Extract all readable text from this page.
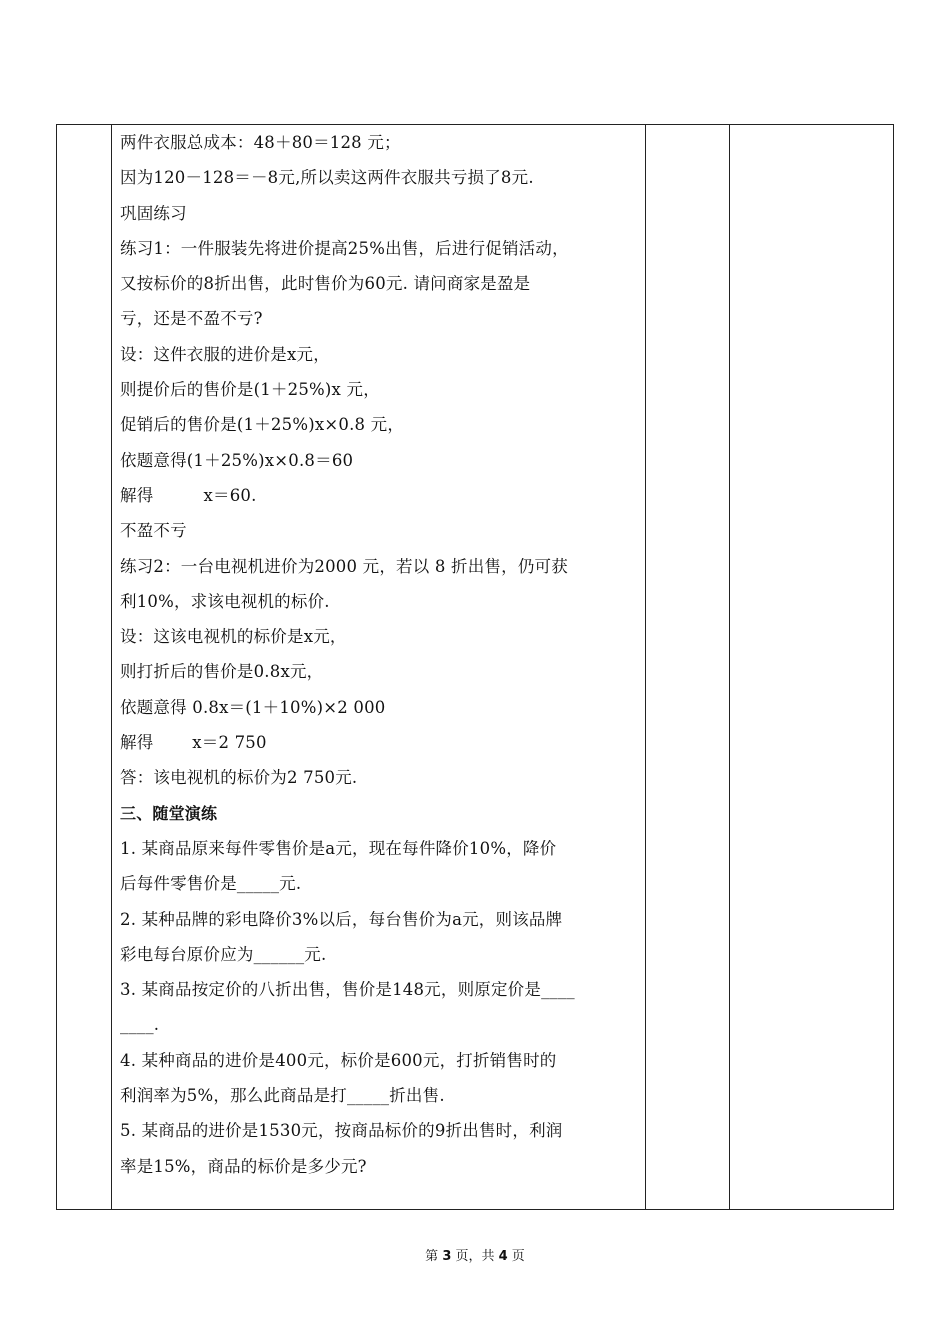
两件衣服总成本：48＋80＝128 元；
因为120－128＝－8元,所以卖这两件衣服共亏损了8元.
巩固练习
练习1：一件服装先将进价提高25%出售，后进行促销活动，
又按标价的8折出售，此时售价为60元. 请问商家是盈是
亏，还是不盈不亏?
设：这件衣服的进价是x元，
则提价后的售价是(1＋25%)x 元，
促销后的售价是(1＋25%)x×0.8 元，
依题意得(1＋25%)x×0.8＝60
解得　　　x＝60.
不盈不亏
练习2：一台电视机进价为2000 元，若以 8 折出售，仍可获
利10%，求该电视机的标价.
设：这该电视机的标价是x元，
则打折后的售价是0.8x元，
依题意得 0.8x＝(1＋10%)×2 000
解得　　 x＝2 750
答：该电视机的标价为2 750元.
三、随堂演练
1. 某商品原来每件零售价是a元，现在每件降价10%，降价
后每件零售价是_____元.
2. 某种品牌的彩电降价3%以后，每台售价为a元，则该品牌
彩电每台原价应为______元.
3. 某商品按定价的八折出售，售价是148元，则原定价是____
____.
4. 某种商品的进价是400元，标价是600元，打折销售时的
利润率为5%，那么此商品是打_____折出售.
5. 某商品的进价是1530元，按商品标价的9折出售时，利润
率是15%，商品的标价是多少元?
第 3 页，共 4 页
